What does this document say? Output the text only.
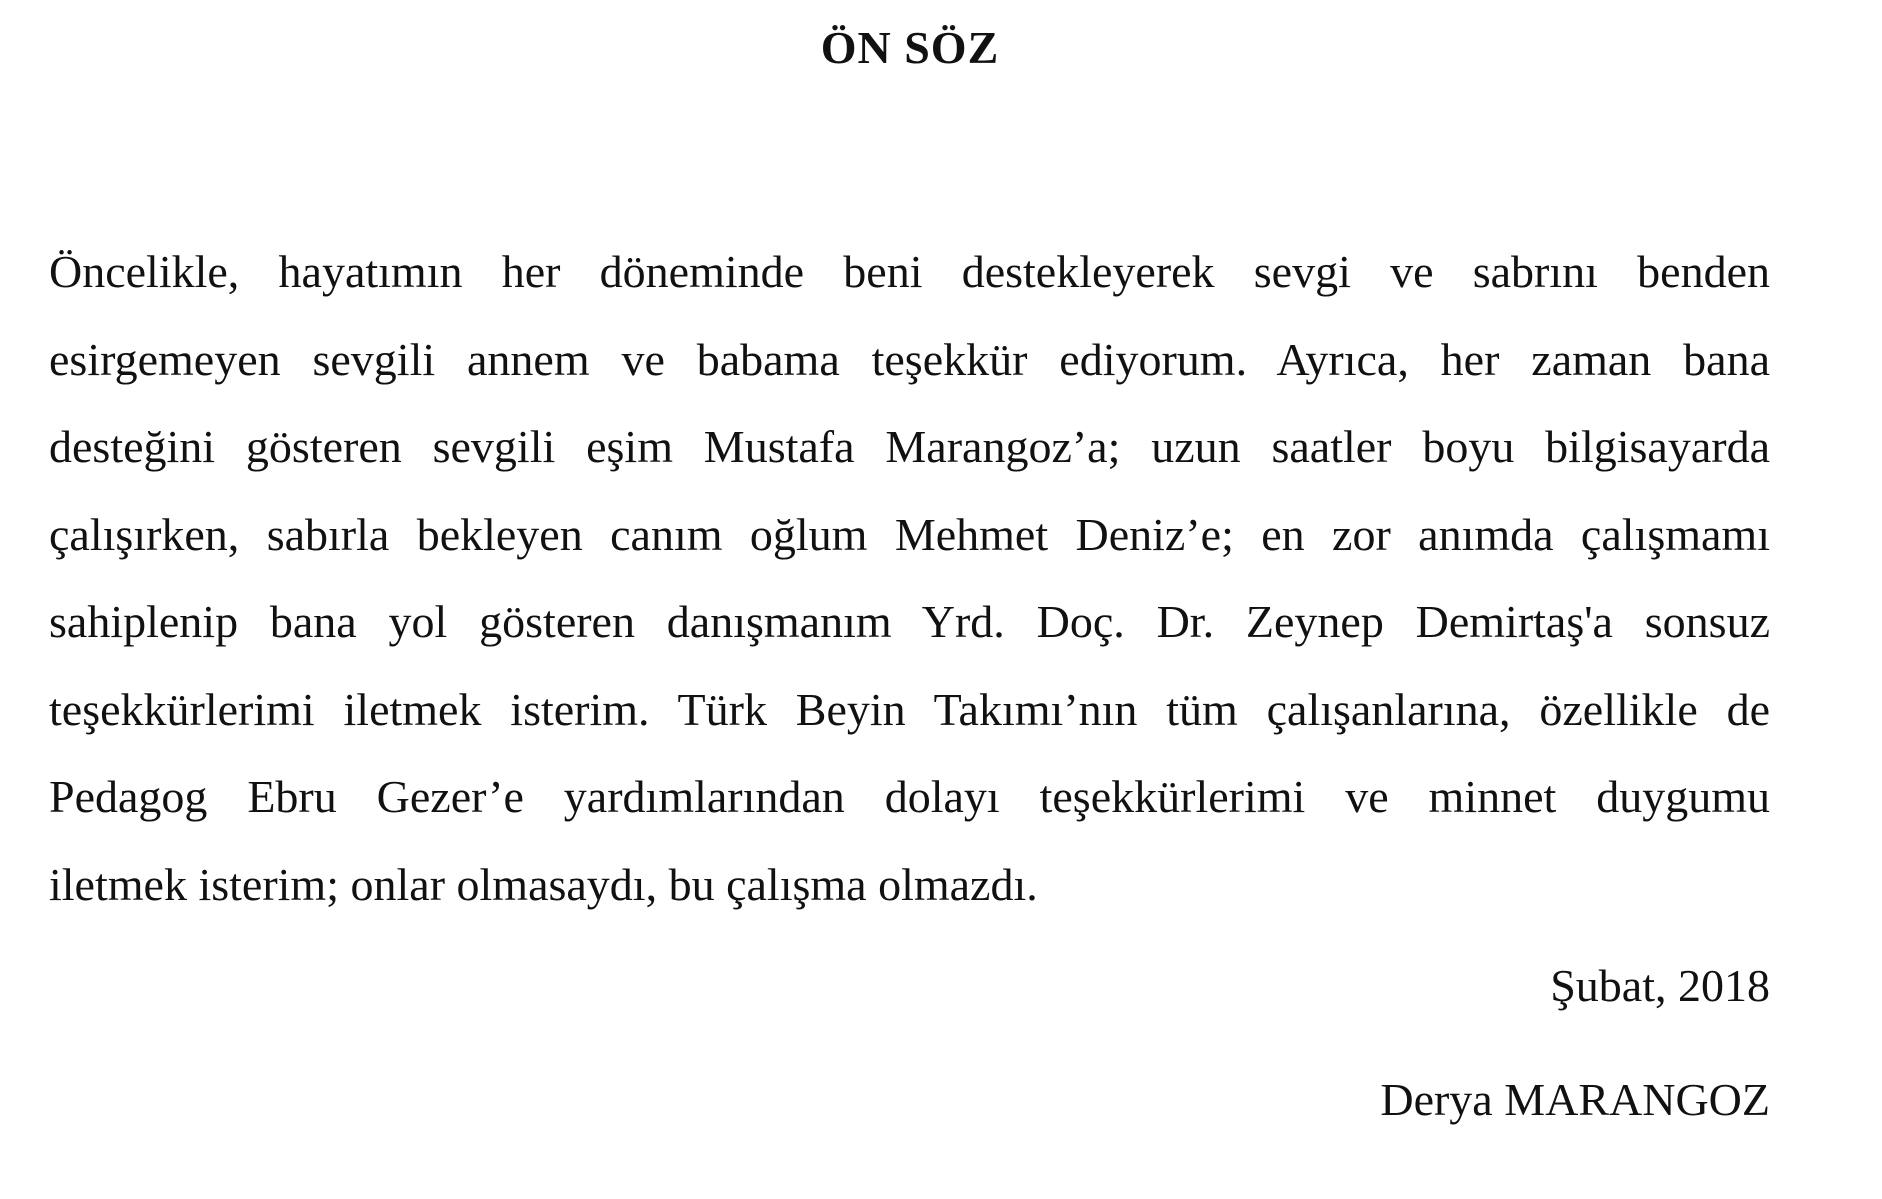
ÖN SÖZ
Öncelikle, hayatımın her döneminde beni destekleyerek sevgi ve sabrını benden
esirgemeyen sevgili annem ve babama teşekkür ediyorum. Ayrıca, her zaman bana
desteğini gösteren sevgili eşim Mustafa Marangoz’a; uzun saatler boyu bilgisayarda
çalışırken, sabırla bekleyen canım oğlum Mehmet Deniz’e; en zor anımda çalışmamı
sahiplenip bana yol gösteren danışmanım Yrd. Doç. Dr. Zeynep Demirtaş'a sonsuz
teşekkürlerimi iletmek isterim. Türk Beyin Takımı’nın tüm çalışanlarına, özellikle de
Pedagog Ebru Gezer’e yardımlarından dolayı teşekkürlerimi ve minnet duygumu
iletmek isterim; onlar olmasaydı, bu çalışma olmazdı.
Şubat, 2018
Derya MARANGOZ
